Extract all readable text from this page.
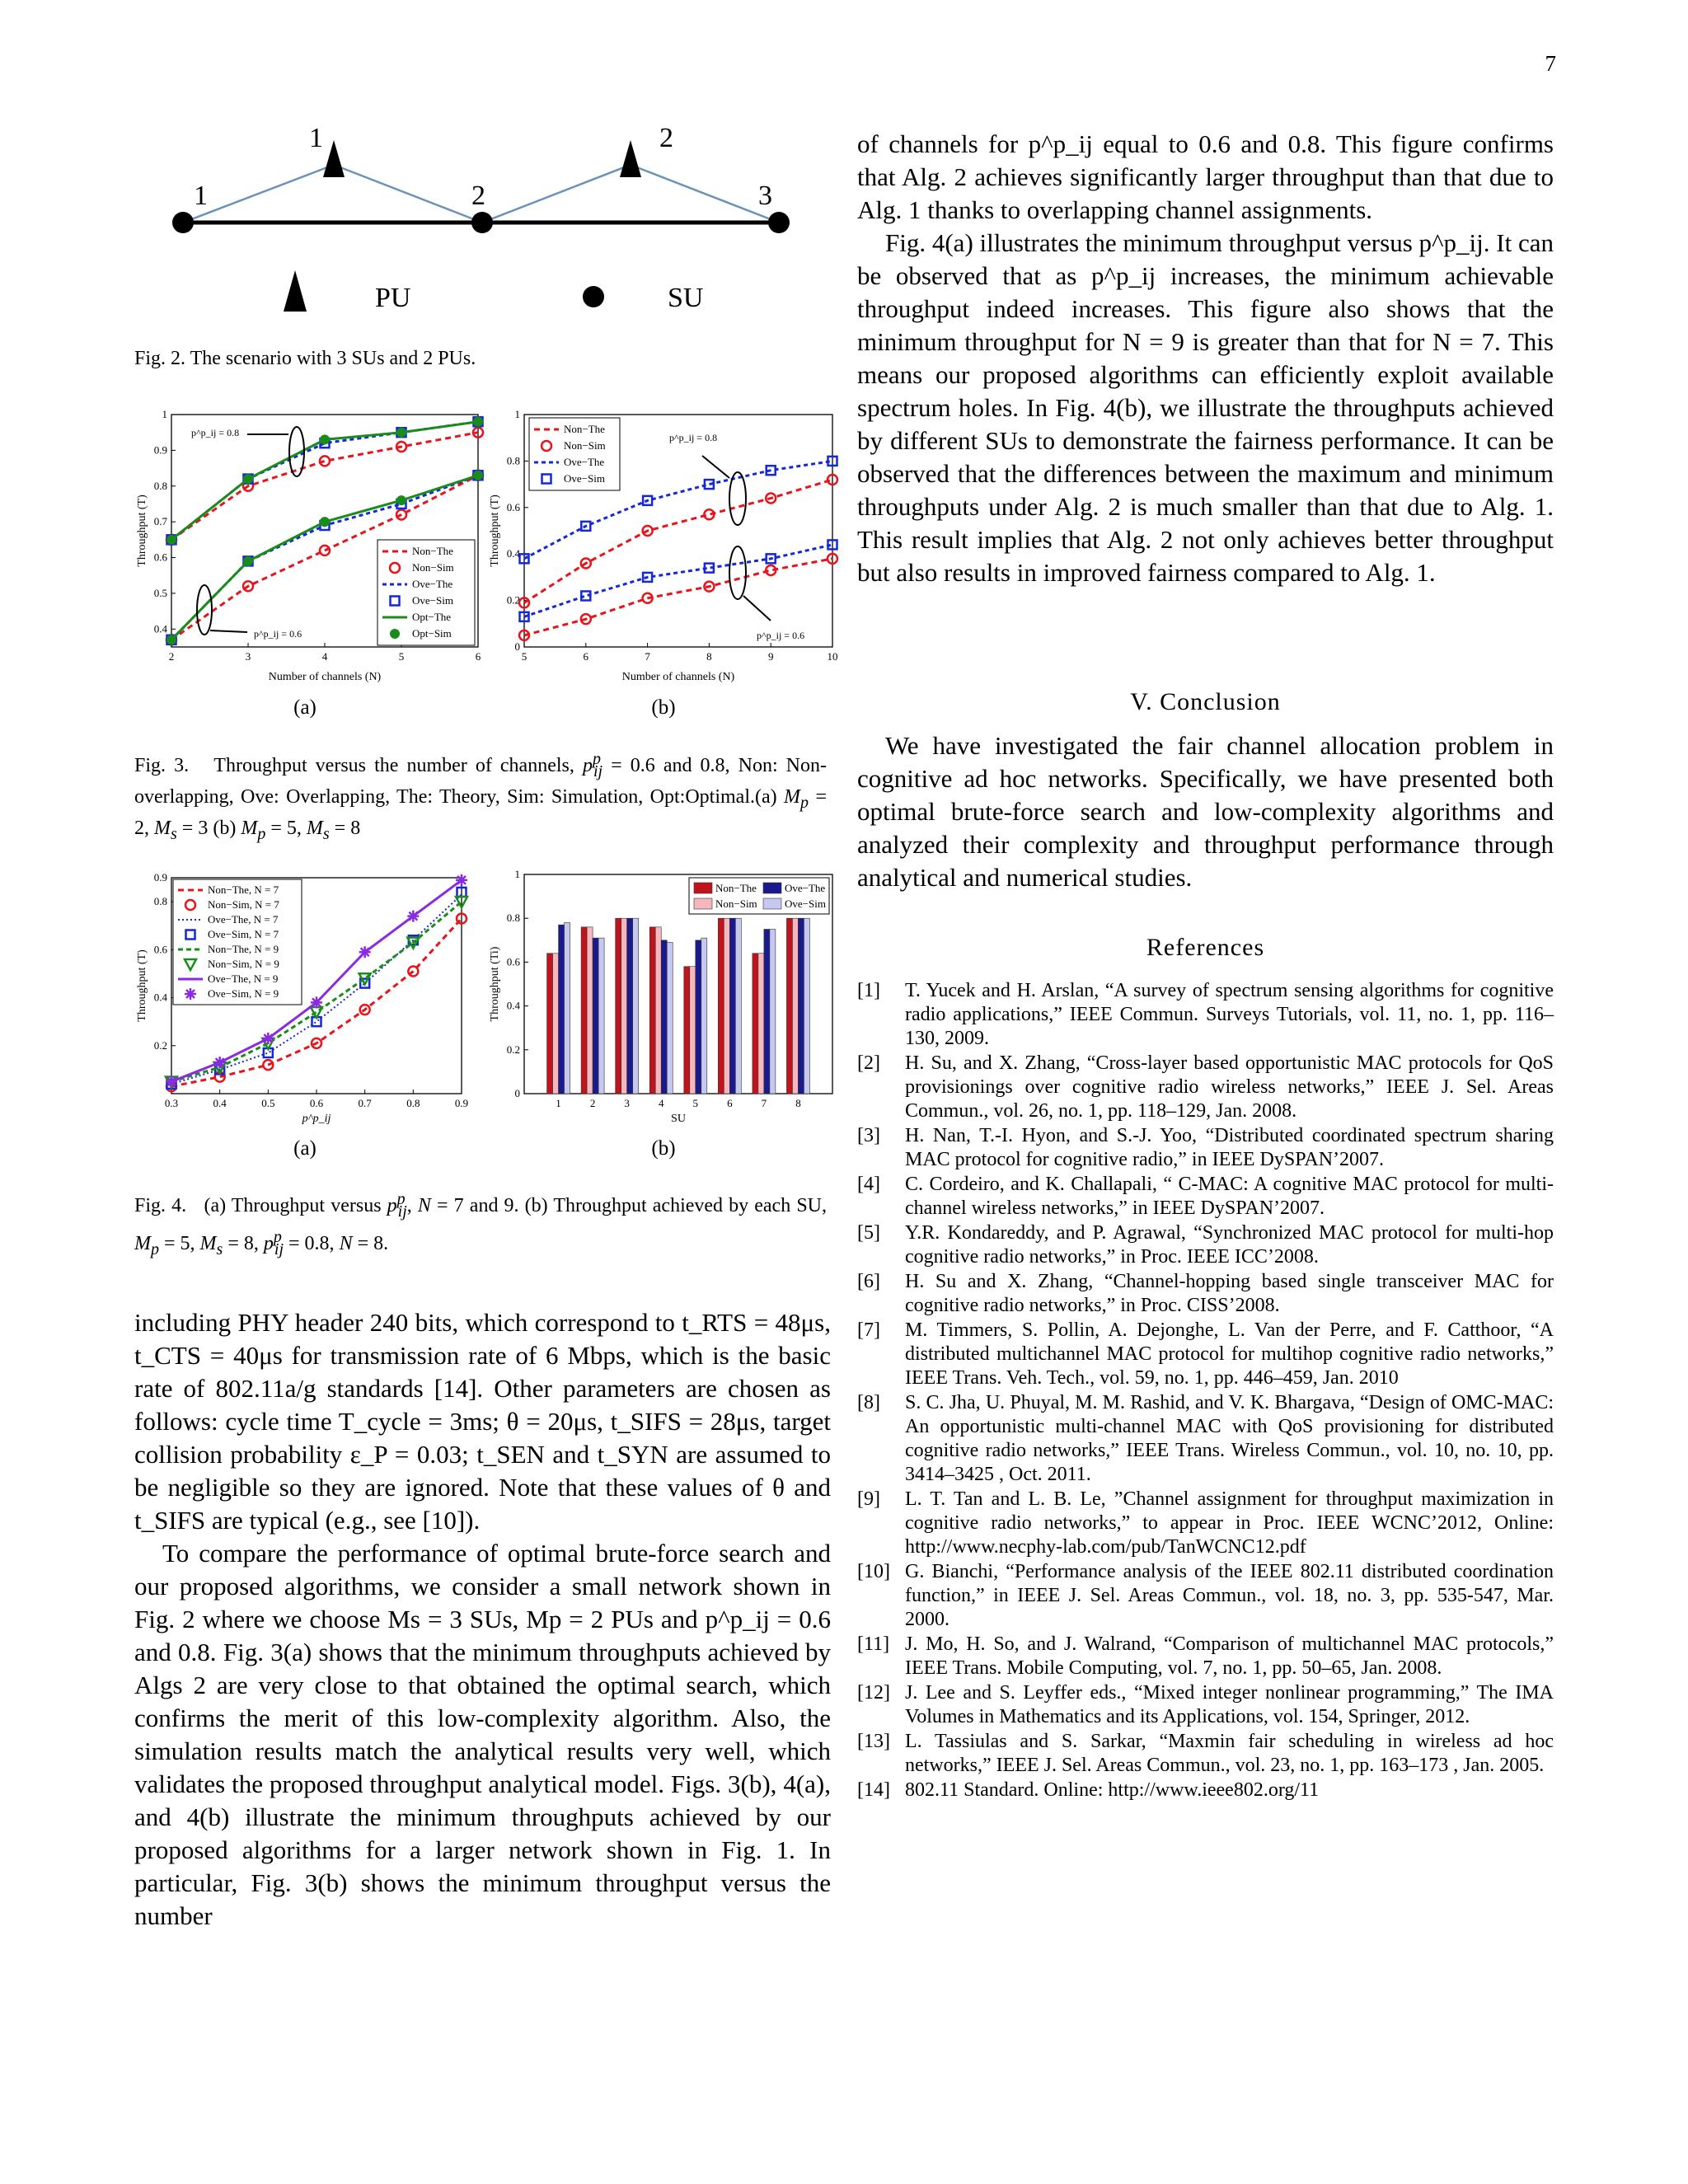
7
1	2	3
1	2
PU	SU
Fig. 2. The scenario with 3 SUs and 2 PUs.
2	3	4	5	6
0.4
0.5
0.6
0.7
0.8
0.9
1
Non−The
Non−Sim
Ove−The
Ove−Sim
Opt−The
Opt−Sim
Throughput (T)
Number of channels (N)
p^p_ij = 0.8
p^p_ij = 0.6
5	6	7	8	9	10
0
0.2
0.4
0.6
0.8
1
Non−The
Non−Sim
Ove−The
Ove−Sim
Throughput (T)
Number of channels (N)
p^p_ij = 0.8
p^p_ij = 0.6
(a)	(b)
Fig. 3.   Throughput versus the number of channels, $p^p_{ij} = 0.6$ and 0.8, Non: Non-overlapping, Ove: Overlapping, The: Theory, Sim: Simulation, Opt:Optimal.(a) $M_p = 2$, $M_s = 3$ (b) $M_p = 5$, $M_s = 8$
0.3	0.4	0.5	0.6	0.7	0.8	0.9
0.2
0.4
0.6
0.8
0.9
Non−The, N = 7
Non−Sim, N = 7
Ove−The, N = 7
Ove−Sim, N = 7
Non−The, N = 9
Non−Sim, N = 9
Ove−The, N = 9
Ove−Sim, N = 9
Throughput (T)
p^p_ij
0
0.2
0.4
0.6
0.8
1
1	2	3	4	5	6	7	8
Non−The
Non−Sim
Ove−The
Ove−Sim
Throughput (Ti)
SU
(a)	(b)
Fig. 4.   (a) Throughput versus $p^p_{ij}$, N = 7 and 9. (b) Throughput achieved by each SU, $M_p = 5$, $M_s = 8$, $p^p_{ij} = 0.8$, N = 8.

including PHY header 240 bits, which correspond to t_RTS = 48μs, t_CTS = 40μs for transmission rate of 6 Mbps, which is the basic rate of 802.11a/g standards [14]. Other parameters are chosen as follows: cycle time T_cycle = 3ms; θ = 20μs, t_SIFS = 28μs, target collision probability ε_P = 0.03; t_SEN and t_SYN are assumed to be negligible so they are ignored. Note that these values of θ and t_SIFS are typical (e.g., see [10]).

To compare the performance of optimal brute-force search and our proposed algorithms, we consider a small network shown in Fig. 2 where we choose Ms = 3 SUs, Mp = 2 PUs and p^p_ij = 0.6 and 0.8. Fig. 3(a) shows that the minimum throughputs achieved by Algs 2 are very close to that obtained the optimal search, which confirms the merit of this low-complexity algorithm. Also, the simulation results match the analytical results very well, which validates the proposed throughput analytical model. Figs. 3(b), 4(a), and 4(b) illustrate the minimum throughputs achieved by our proposed algorithms for a larger network shown in Fig. 1. In particular, Fig. 3(b) shows the minimum throughput versus the number

of channels for p^p_ij equal to 0.6 and 0.8. This figure confirms that Alg. 2 achieves significantly larger throughput than that due to Alg. 1 thanks to overlapping channel assignments.

Fig. 4(a) illustrates the minimum throughput versus p^p_ij. It can be observed that as p^p_ij increases, the minimum achievable throughput indeed increases. This figure also shows that the minimum throughput for N = 9 is greater than that for N = 7. This means our proposed algorithms can efficiently exploit available spectrum holes. In Fig. 4(b), we illustrate the throughputs achieved by different SUs to demonstrate the fairness performance. It can be observed that the differences between the maximum and minimum throughputs under Alg. 2 is much smaller than that due to Alg. 1. This result implies that Alg. 2 not only achieves better throughput but also results in improved fairness compared to Alg. 1.

V. Conclusion

We have investigated the fair channel allocation problem in cognitive ad hoc networks. Specifically, we have presented both optimal brute-force search and low-complexity algorithms and analyzed their complexity and throughput performance through analytical and numerical studies.

References
[1]	T. Yucek and H. Arslan, “A survey of spectrum sensing algorithms for cognitive radio applications,” IEEE Commun. Surveys Tutorials, vol. 11, no. 1, pp. 116–130, 2009.
[2]	H. Su, and X. Zhang, “Cross-layer based opportunistic MAC protocols for QoS provisionings over cognitive radio wireless networks,” IEEE J. Sel. Areas Commun., vol. 26, no. 1, pp. 118–129, Jan. 2008.
[3]	H. Nan, T.-I. Hyon, and S.-J. Yoo, “Distributed coordinated spectrum sharing MAC protocol for cognitive radio,” in IEEE DySPAN’2007.
[4]	C. Cordeiro, and K. Challapali, “ C-MAC: A cognitive MAC protocol for multi-channel wireless networks,” in IEEE DySPAN’2007.
[5]	Y.R. Kondareddy, and P. Agrawal, “Synchronized MAC protocol for multi-hop cognitive radio networks,” in Proc. IEEE ICC’2008.
[6]	H. Su and X. Zhang, “Channel-hopping based single transceiver MAC for cognitive radio networks,” in Proc. CISS’2008.
[7]	M. Timmers, S. Pollin, A. Dejonghe, L. Van der Perre, and F. Catthoor, “A distributed multichannel MAC protocol for multihop cognitive radio networks,” IEEE Trans. Veh. Tech., vol. 59, no. 1, pp. 446–459, Jan. 2010
[8]	S. C. Jha, U. Phuyal, M. M. Rashid, and V. K. Bhargava, “Design of OMC-MAC: An opportunistic multi-channel MAC with QoS provisioning for distributed cognitive radio networks,” IEEE Trans. Wireless Commun., vol. 10, no. 10, pp. 3414–3425 , Oct. 2011.
[9]	L. T. Tan and L. B. Le, ”Channel assignment for throughput maximization in cognitive radio networks,” to appear in Proc. IEEE WCNC’2012, Online: http://www.necphy-lab.com/pub/TanWCNC12.pdf
[10] G. Bianchi, “Performance analysis of the IEEE 802.11 distributed coordination function,” in IEEE J. Sel. Areas Commun., vol. 18, no. 3, pp. 535-547, Mar. 2000.
[11] J. Mo, H. So, and J. Walrand, “Comparison of multichannel MAC protocols,” IEEE Trans. Mobile Computing, vol. 7, no. 1, pp. 50–65, Jan. 2008.
[12] J. Lee and S. Leyffer eds., “Mixed integer nonlinear programming,” The IMA Volumes in Mathematics and its Applications, vol. 154, Springer, 2012.
[13] L. Tassiulas and S. Sarkar, “Maxmin fair scheduling in wireless ad hoc networks,” IEEE J. Sel. Areas Commun., vol. 23, no. 1, pp. 163–173 , Jan. 2005.
[14] 802.11 Standard. Online: http://www.ieee802.org/11
